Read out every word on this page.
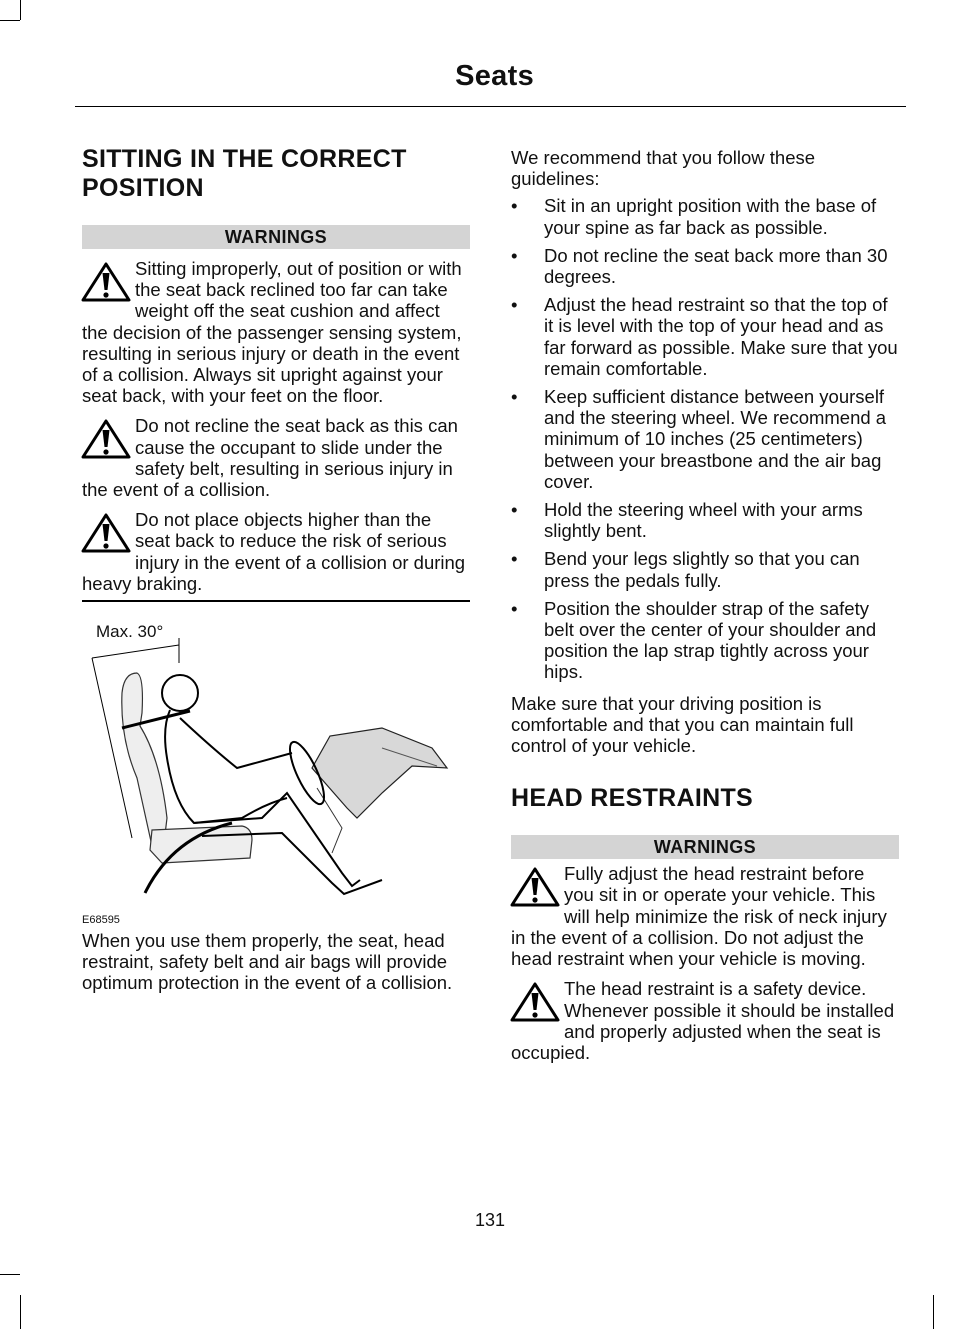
Seats
SITTING IN THE CORRECT POSITION
WARNINGS
Sitting improperly, out of position or with the seat back reclined too far can take weight off the seat cushion and affect the decision of the passenger sensing system, resulting in serious injury or death in the event of a collision. Always sit upright against your seat back, with your feet on the floor.
Do not recline the seat back as this can cause the occupant to slide under the safety belt, resulting in serious injury in the event of a collision.
Do not place objects higher than the seat back to reduce the risk of serious injury in the event of a collision or during heavy braking.
Max. 30°
E68595

When you use them properly, the seat, head restraint, safety belt and air bags will provide optimum protection in the event of a collision.

We recommend that you follow these guidelines:

• Sit in an upright position with the base of your spine as far back as possible.
• Do not recline the seat back more than 30 degrees.
• Adjust the head restraint so that the top of it is level with the top of your head and as far forward as possible. Make sure that you remain comfortable.
• Keep sufficient distance between yourself and the steering wheel. We recommend a minimum of 10 inches (25 centimeters) between your breastbone and the air bag cover.
• Hold the steering wheel with your arms slightly bent.
• Bend your legs slightly so that you can press the pedals fully.
• Position the shoulder strap of the safety belt over the center of your shoulder and position the lap strap tightly across your hips.

Make sure that your driving position is comfortable and that you can maintain full control of your vehicle.

HEAD RESTRAINTS
WARNINGS
Fully adjust the head restraint before you sit in or operate your vehicle. This will help minimize the risk of neck injury in the event of a collision. Do not adjust the head restraint when your vehicle is moving.
The head restraint is a safety device. Whenever possible it should be installed and properly adjusted when the seat is occupied.
131
